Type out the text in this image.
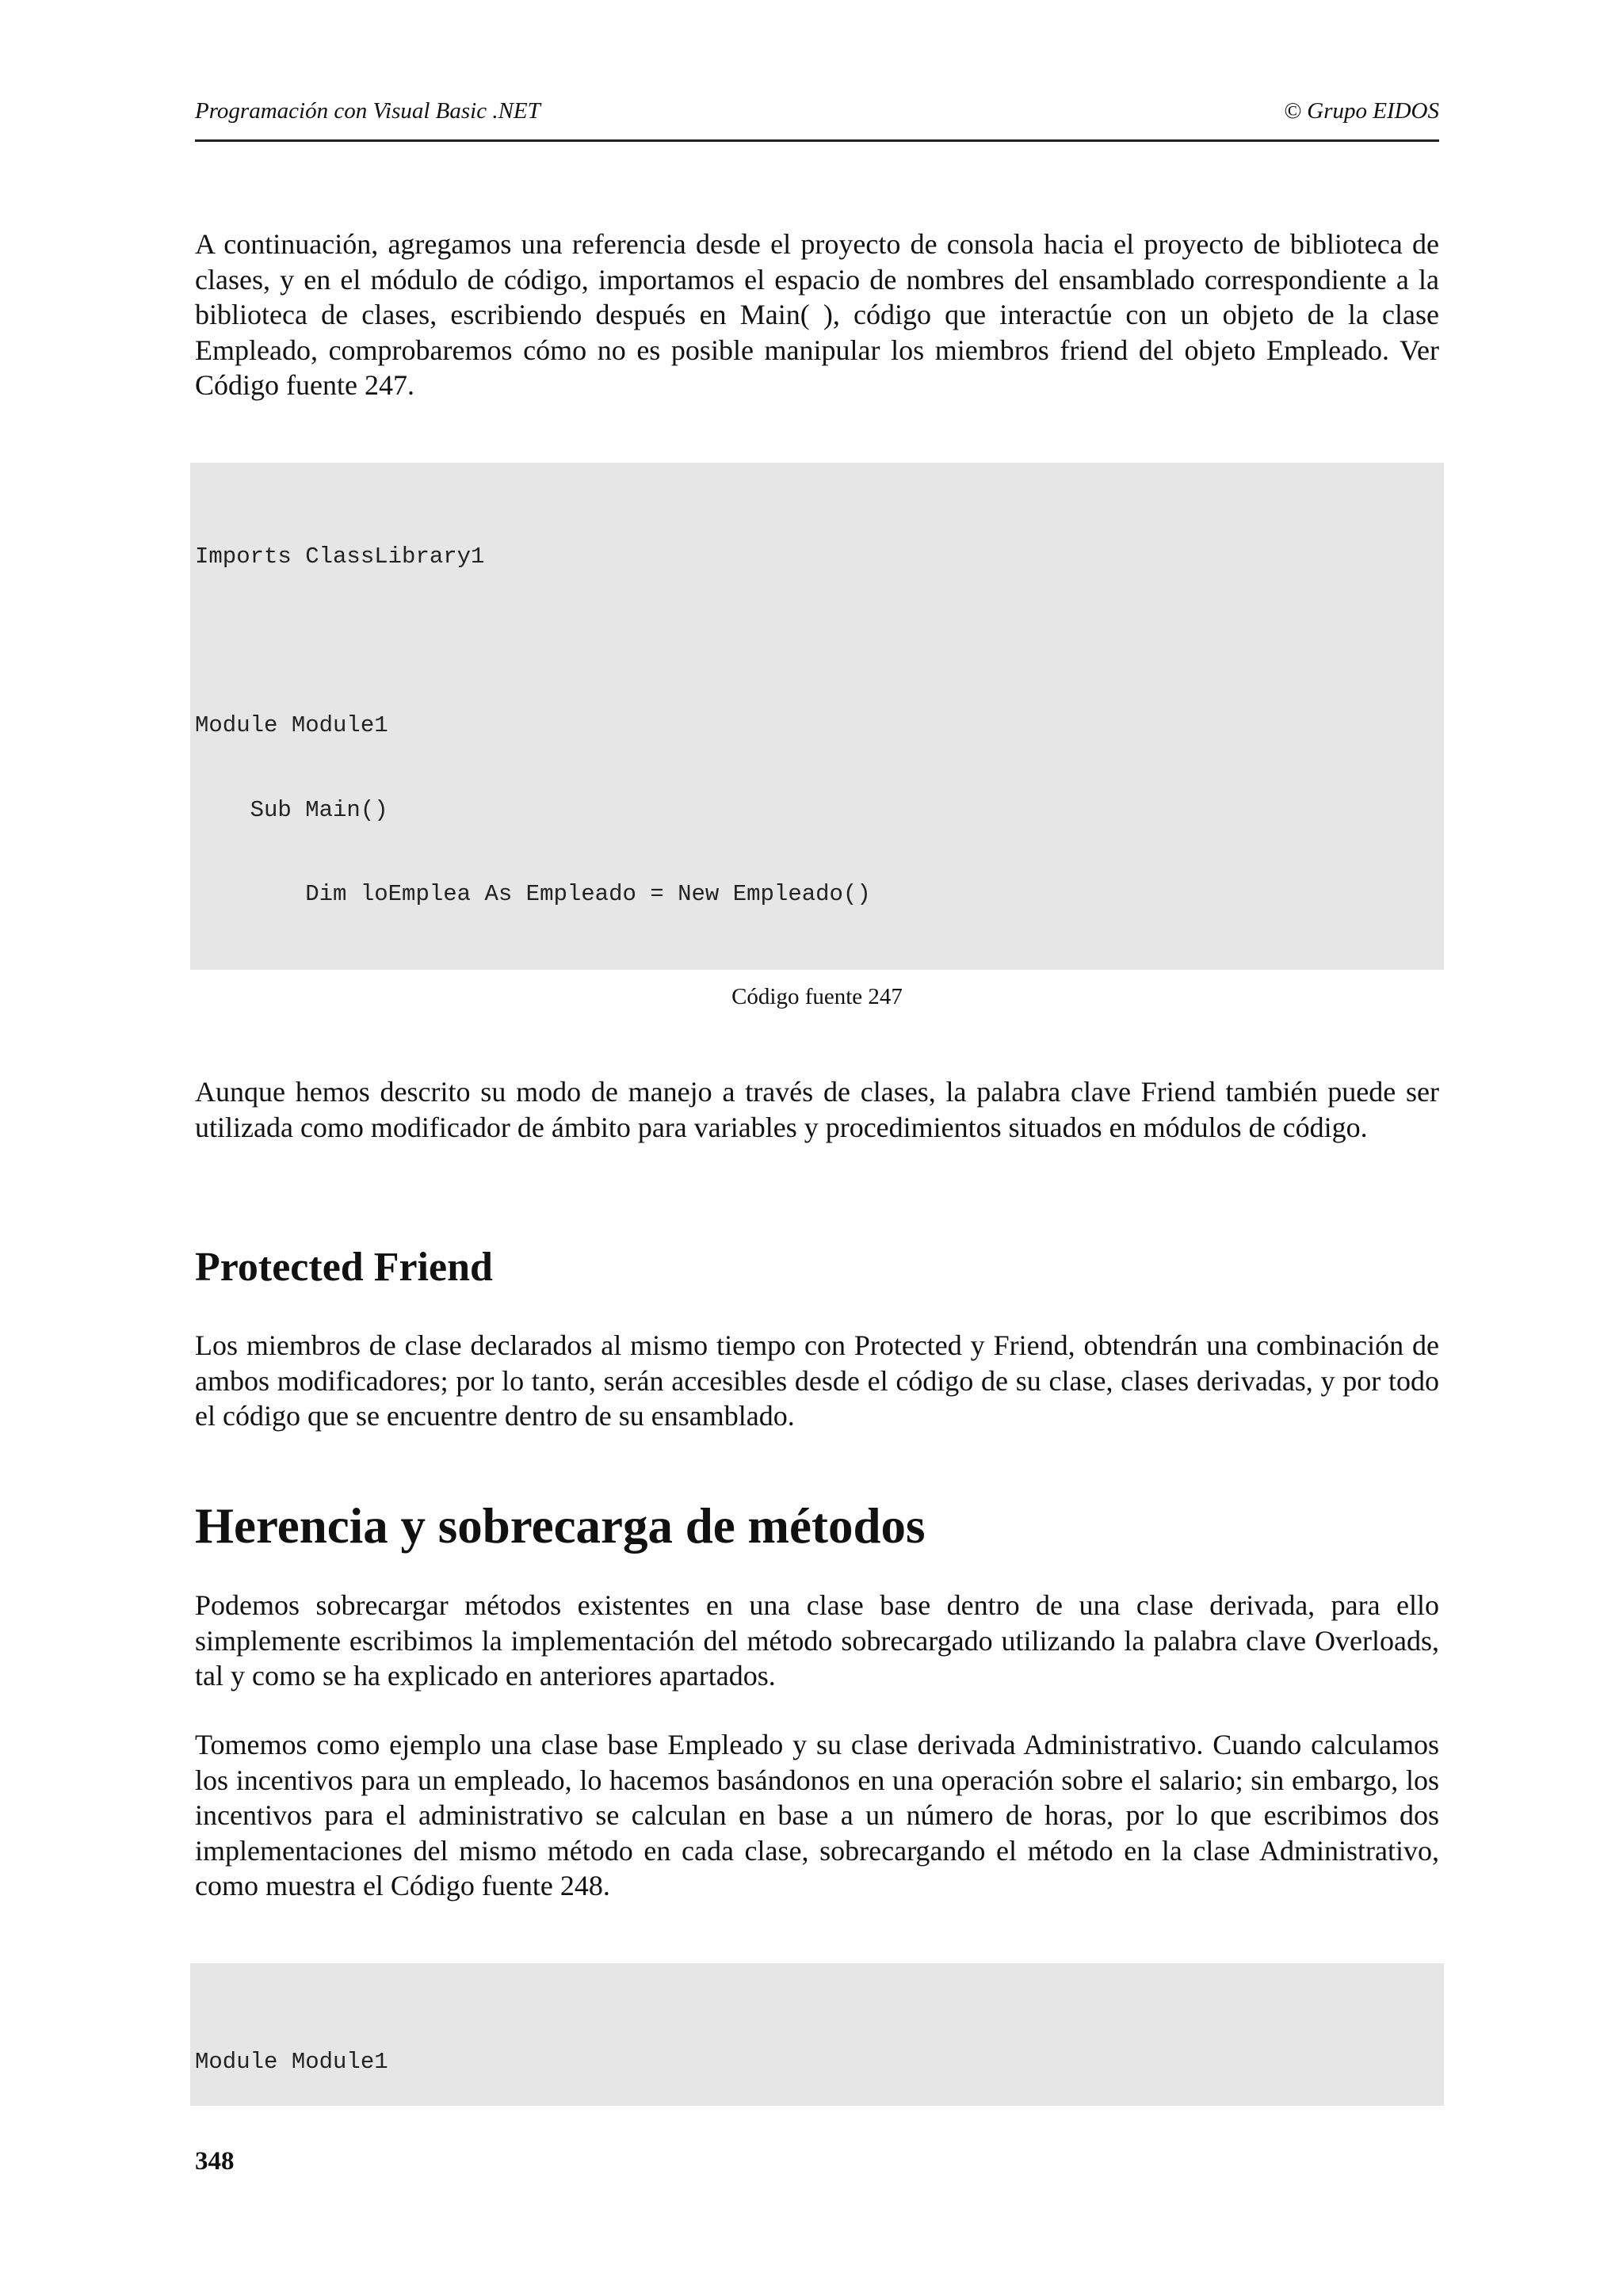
Programación con Visual Basic .NET	© Grupo EIDOS

A continuación, agregamos una referencia desde el proyecto de consola hacia el proyecto de biblioteca de clases, y en el módulo de código, importamos el espacio de nombres del ensamblado correspondiente a la biblioteca de clases, escribiendo después en Main( ), código que interactúe con un objeto de la clase Empleado, comprobaremos cómo no es posible manipular los miembros friend del objeto Empleado. Ver Código fuente 247.

Imports ClassLibrary1

Module Module1

Sub Main()

Dim loEmplea As Empleado = New Empleado()

Código fuente 247

Aunque hemos descrito su modo de manejo a través de clases, la palabra clave Friend también puede ser utilizada como modificador de ámbito para variables y procedimientos situados en módulos de código.

Protected Friend

Los miembros de clase declarados al mismo tiempo con Protected y Friend, obtendrán una combinación de ambos modificadores; por lo tanto, serán accesibles desde el código de su clase, clases derivadas, y por todo el código que se encuentre dentro de su ensamblado.

Herencia y sobrecarga de métodos

Podemos sobrecargar métodos existentes en una clase base dentro de una clase derivada, para ello simplemente escribimos la implementación del método sobrecargado utilizando la palabra clave Overloads, tal y como se ha explicado en anteriores apartados.

Tomemos como ejemplo una clase base Empleado y su clase derivada Administrativo. Cuando calculamos los incentivos para un empleado, lo hacemos basándonos en una operación sobre el salario; sin embargo, los incentivos para el administrativo se calculan en base a un número de horas, por lo que escribimos dos implementaciones del mismo método en cada clase, sobrecargando el método en la clase Administrativo, como muestra el Código fuente 248.

Module Module1

348
